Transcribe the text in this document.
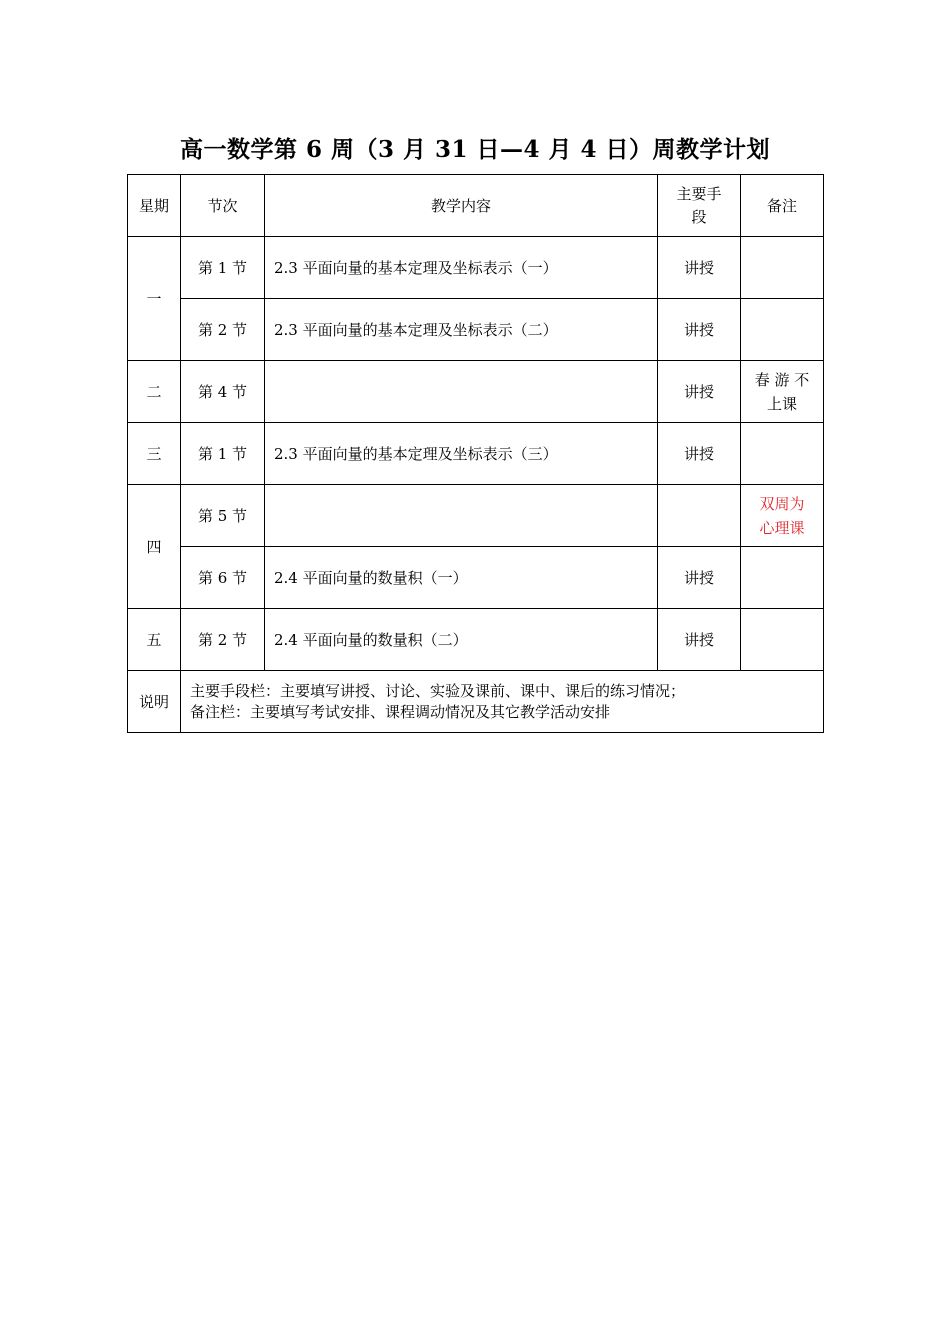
高一数学第 6 周（3 月 31 日—4 月 4 日）周教学计划
星期	节次	教学内容	主要手段	备注
一	第 1 节	2.3 平面向量的基本定理及坐标表示（一）	讲授	
	第 2 节	2.3 平面向量的基本定理及坐标表示（二）	讲授	
二	第 4 节		讲授	春 游 不上课
三	第 1 节	2.3 平面向量的基本定理及坐标表示（三）	讲授	
四	第 5 节			双周为心理课
	第 6 节	2.4 平面向量的数量积（一）	讲授	
五	第 2 节	2.4 平面向量的数量积（二）	讲授	
说明	主要手段栏：主要填写讲授、讨论、实验及课前、课中、课后的练习情况；
备注栏：主要填写考试安排、课程调动情况及其它教学活动安排			
